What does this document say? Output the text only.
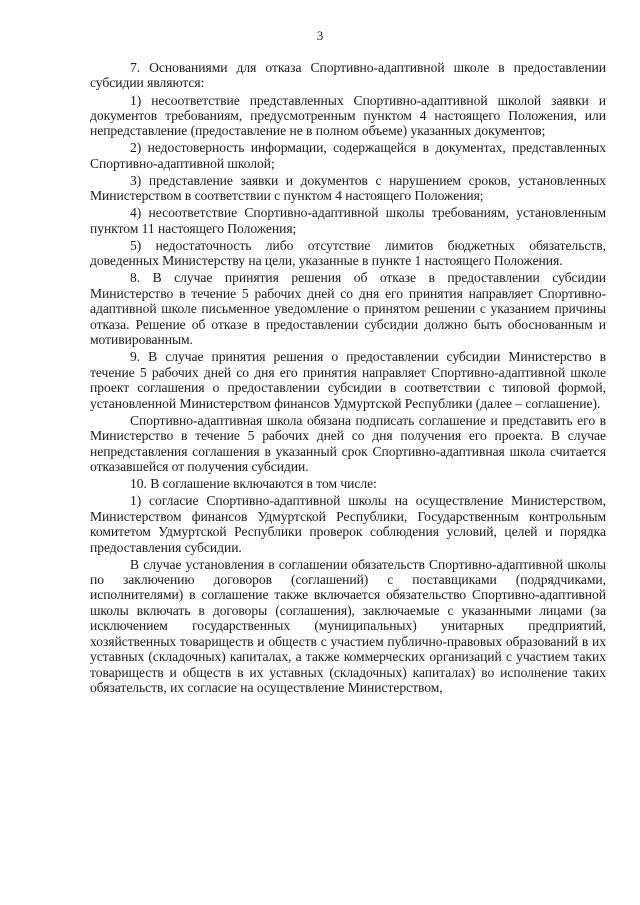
3

7. Основаниями для отказа Спортивно-адаптивной школе в предоставлении субсидии являются:

1) несоответствие представленных Спортивно-адаптивной школой заявки и документов требованиям, предусмотренным пунктом 4 настоящего Положения, или непредставление (предоставление не в полном объеме) указанных документов;

2) недостоверность информации, содержащейся в документах, представленных Спортивно-адаптивной школой;

3) представление заявки и документов с нарушением сроков, установленных Министерством в соответствии с пунктом 4 настоящего Положения;

4) несоответствие Спортивно-адаптивной школы требованиям, установленным пунктом 11 настоящего Положения;

5) недостаточность либо отсутствие лимитов бюджетных обязательств, доведенных Министерству на цели, указанные в пункте 1 настоящего Положения.

8. В случае принятия решения об отказе в предоставлении субсидии Министерство в течение 5 рабочих дней со дня его принятия направляет Спортивно-адаптивной школе письменное уведомление о принятом решении с указанием причины отказа. Решение об отказе в предоставлении субсидии должно быть обоснованным и мотивированным.

9. В случае принятия решения о предоставлении субсидии Министерство в течение 5 рабочих дней со дня его принятия направляет Спортивно-адаптивной школе проект соглашения о предоставлении субсидии в соответствии с типовой формой, установленной Министерством финансов Удмуртской Республики (далее – соглашение).

Спортивно-адаптивная школа обязана подписать соглашение и представить его в Министерство в течение 5 рабочих дней со дня получения его проекта. В случае непредставления соглашения в указанный срок Спортивно-адаптивная школа считается отказавшейся от получения субсидии.

10. В соглашение включаются в том числе:

1) согласие Спортивно-адаптивной школы на осуществление Министерством, Министерством финансов Удмуртской Республики, Государственным контрольным комитетом Удмуртской Республики проверок соблюдения условий, целей и порядка предоставления субсидии.

В случае установления в соглашении обязательств Спортивно-адаптивной школы по заключению договоров (соглашений) с поставщиками (подрядчиками, исполнителями) в соглашение также включается обязательство Спортивно-адаптивной школы включать в договоры (соглашения), заключаемые с указанными лицами (за исключением государственных (муниципальных) унитарных предприятий, хозяйственных товариществ и обществ с участием публично-правовых образований в их уставных (складочных) капиталах, а также коммерческих организаций с участием таких товариществ и обществ в их уставных (складочных) капиталах) во исполнение таких обязательств, их согласие на осуществление Министерством,
